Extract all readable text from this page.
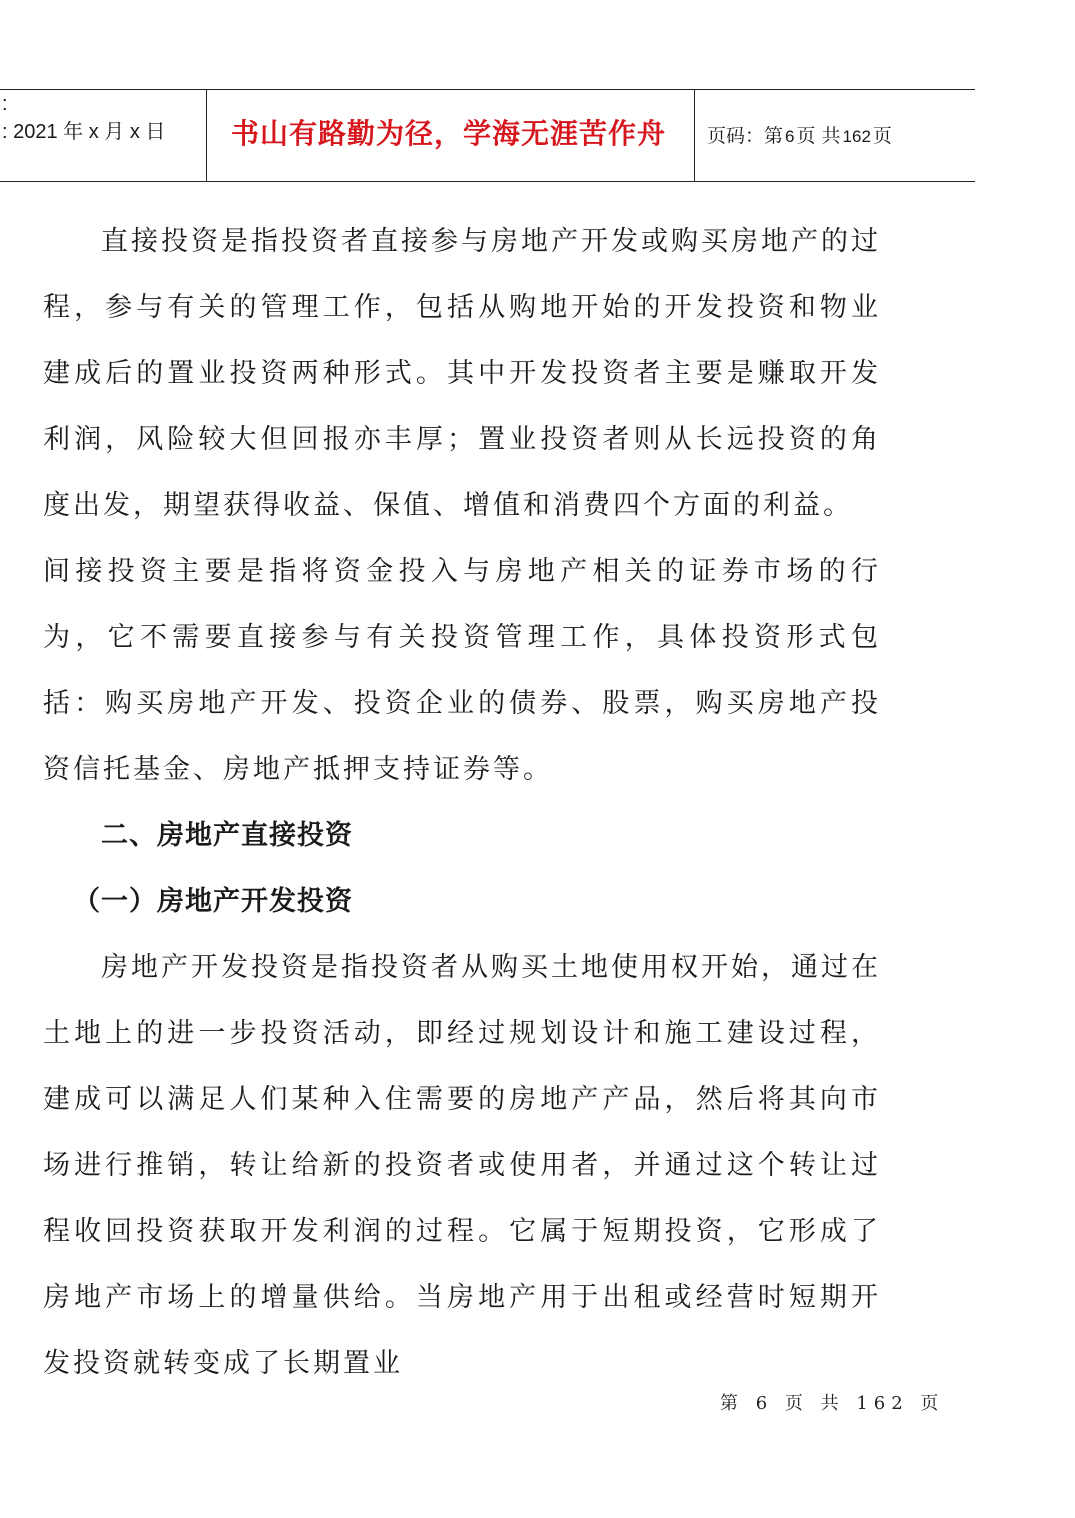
:
: 2021 年 x 月 x 日 书山有路勤为径，学海无涯苦作舟 页码：第 6 页 共 162 页

直接投资是指投资者直接参与房地产开发或购买房地产的过程，参与有关的管理工作，包括从购地开始的开发投资和物业建成后的置业投资两种形式。其中开发投资者主要是赚取开发利润，风险较大但回报亦丰厚；置业投资者则从长远投资的角度出发，期望获得收益、保值、增值和消费四个方面的利益。

间接投资主要是指将资金投入与房地产相关的证券市场的行为，它不需要直接参与有关投资管理工作，具体投资形式包括：购买房地产开发、投资企业的债券、股票，购买房地产投资信托基金、房地产抵押支持证券等。

二、房地产直接投资

（一）房地产开发投资

房地产开发投资是指投资者从购买土地使用权开始，通过在土地上的进一步投资活动，即经过规划设计和施工建设过程，建成可以满足人们某种入住需要的房地产产品，然后将其向市场进行推销，转让给新的投资者或使用者，并通过这个转让过程收回投资获取开发利润的过程。它属于短期投资，它形成了房地产市场上的增量供给。当房地产用于出租或经营时短期开发投资就转变成了长期置业

第 6 页 共 162 页
